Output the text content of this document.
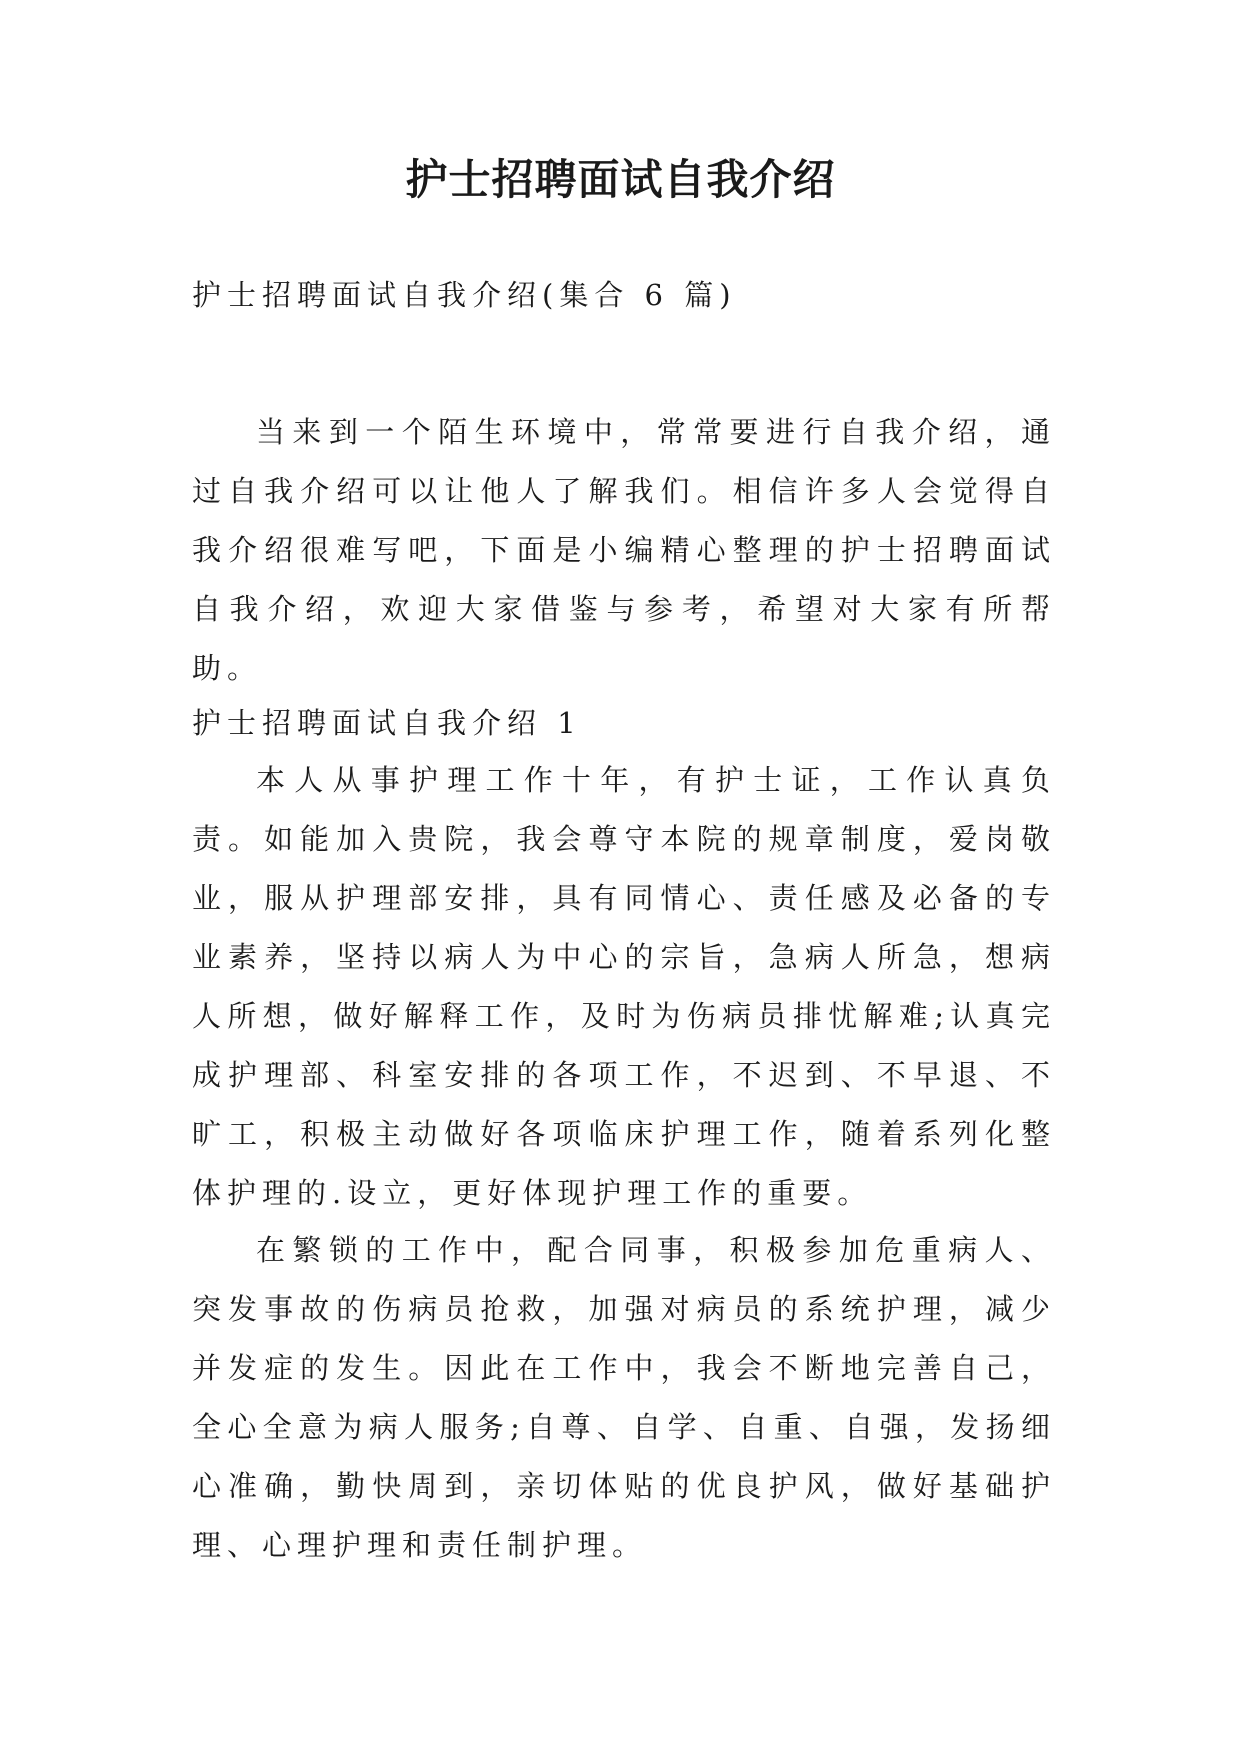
护士招聘面试自我介绍

护士招聘面试自我介绍(集合 6 篇)

当来到一个陌生环境中，常常要进行自我介绍，通过自我介绍可以让他人了解我们。相信许多人会觉得自我介绍很难写吧，下面是小编精心整理的护士招聘面试自我介绍，欢迎大家借鉴与参考，希望对大家有所帮助。

护士招聘面试自我介绍 1

本人从事护理工作十年，有护士证，工作认真负责。如能加入贵院，我会尊守本院的规章制度，爱岗敬业，服从护理部安排，具有同情心、责任感及必备的专业素养，坚持以病人为中心的宗旨，急病人所急，想病人所想，做好解释工作，及时为伤病员排忧解难;认真完成护理部、科室安排的各项工作，不迟到、不早退、不旷工，积极主动做好各项临床护理工作，随着系列化整体护理的.设立，更好体现护理工作的重要。

在繁锁的工作中，配合同事，积极参加危重病人、突发事故的伤病员抢救，加强对病员的系统护理，减少并发症的发生。因此在工作中，我会不断地完善自己，全心全意为病人服务;自尊、自学、自重、自强，发扬细心准确，勤快周到，亲切体贴的优良护风，做好基础护理、心理护理和责任制护理。
